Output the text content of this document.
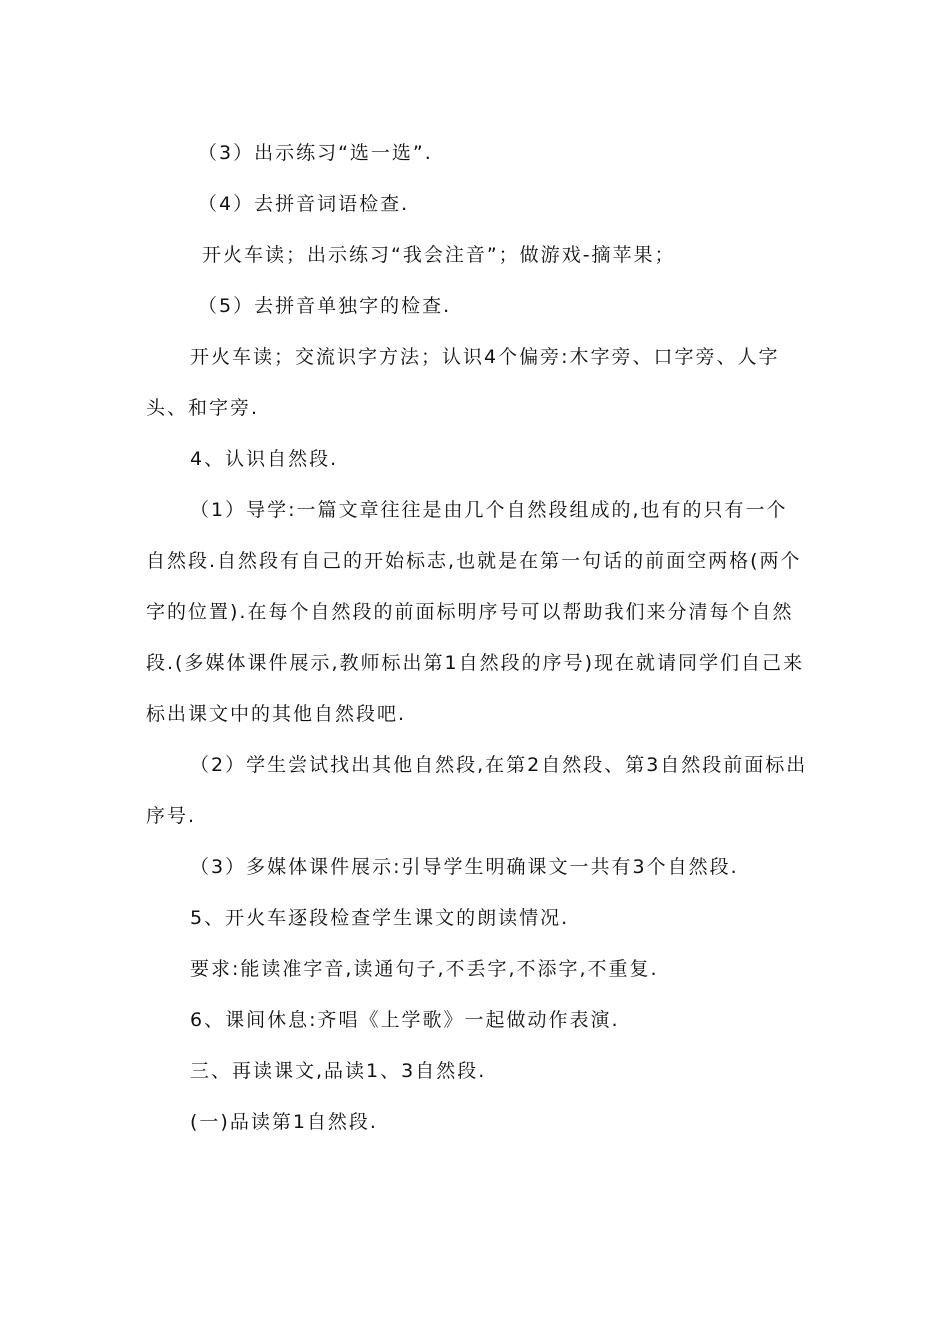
（3）出示练习“选一选”.

（4）去拼音词语检查.

开火车读；出示练习“我会注音”；做游戏-摘苹果；

（5）去拼音单独字的检查.

开火车读；交流识字方法；认识4个偏旁:木字旁、口字旁、人字头、和字旁.

4、认识自然段.

（1）导学:一篇文章往往是由几个自然段组成的,也有的只有一个自然段.自然段有自己的开始标志,也就是在第一句话的前面空两格(两个字的位置).在每个自然段的前面标明序号可以帮助我们来分清每个自然段.(多媒体课件展示,教师标出第1自然段的序号)现在就请同学们自己来标出课文中的其他自然段吧.

（2）学生尝试找出其他自然段,在第2自然段、第3自然段前面标出序号.

（3）多媒体课件展示:引导学生明确课文一共有3个自然段.

5、开火车逐段检查学生课文的朗读情况.

要求:能读准字音,读通句子,不丢字,不添字,不重复.

6、课间休息:齐唱《上学歌》一起做动作表演.

三、再读课文,品读1、3自然段.

(一)品读第1自然段.
